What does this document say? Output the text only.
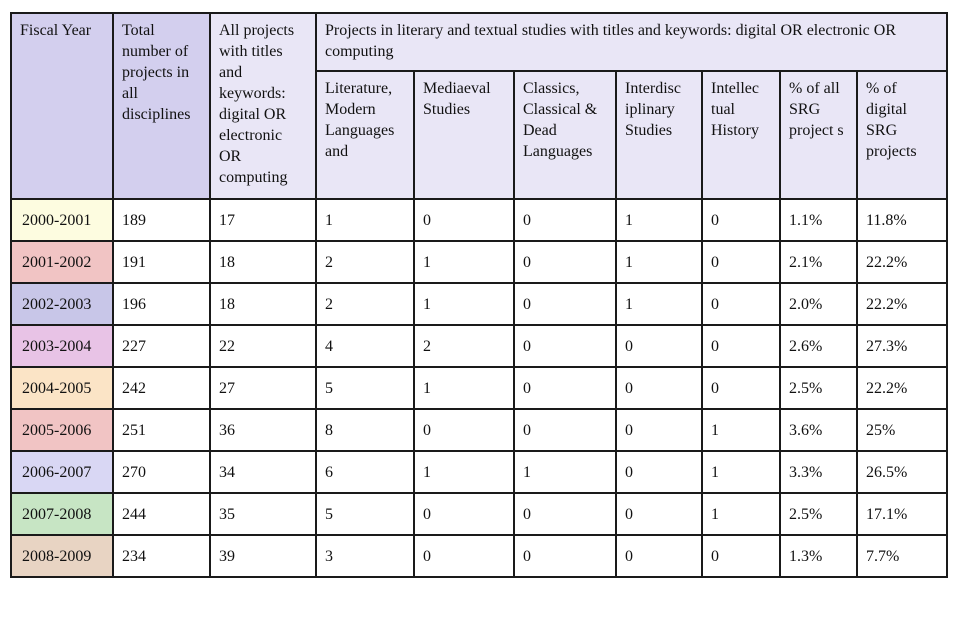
Fiscal Year	Total number of projects in all disciplines	All projects with titles and keywords: digital OR electronic OR computing	Projects in literary and textual studies with titles and keywords: digital OR electronic OR computing						
			Literature, Modern Languages and	Mediaeval Studies	Classics, Classical & Dead Languages	Interdisc iplinary Studies	Intellec tual History	% of all SRG project s	% of digital SRG projects
2000-2001	189	17	1	0	0	1	0	1.1%	11.8%
2001-2002	191	18	2	1	0	1	0	2.1%	22.2%
2002-2003	196	18	2	1	0	1	0	2.0%	22.2%
2003-2004	227	22	4	2	0	0	0	2.6%	27.3%
2004-2005	242	27	5	1	0	0	0	2.5%	22.2%
2005-2006	251	36	8	0	0	0	1	3.6%	25%
2006-2007	270	34	6	1	1	0	1	3.3%	26.5%
2007-2008	244	35	5	0	0	0	1	2.5%	17.1%
2008-2009	234	39	3	0	0	0	0	1.3%	7.7%
